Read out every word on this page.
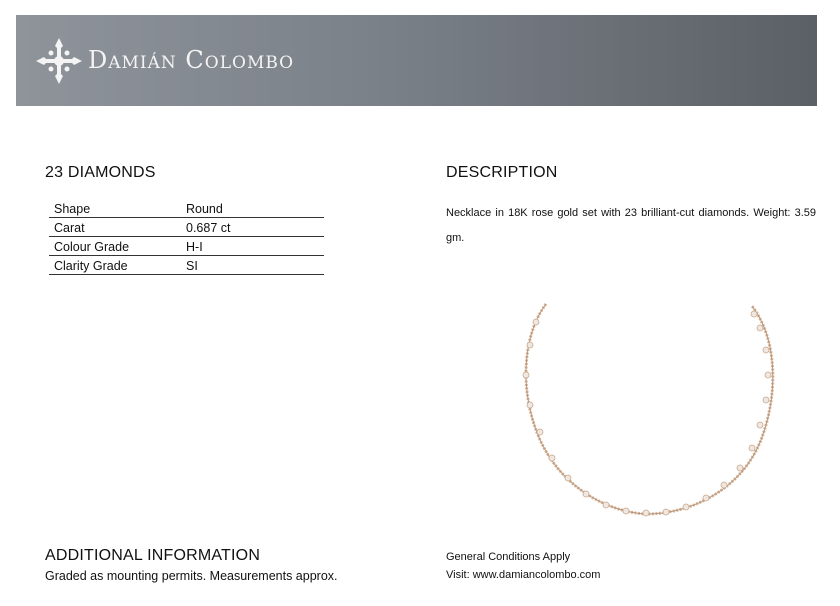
Damián Colombo
23 DIAMONDS
Shape	Round
Carat	0.687 ct
Colour Grade	H-I
Clarity Grade	SI
DESCRIPTION
Necklace in 18K rose gold set with 23 brilliant-cut diamonds. Weight: 3.59 gm.
ADDITIONAL INFORMATION
Graded as mounting permits. Measurements approx.
General Conditions Apply
Visit: www.damiancolombo.com
